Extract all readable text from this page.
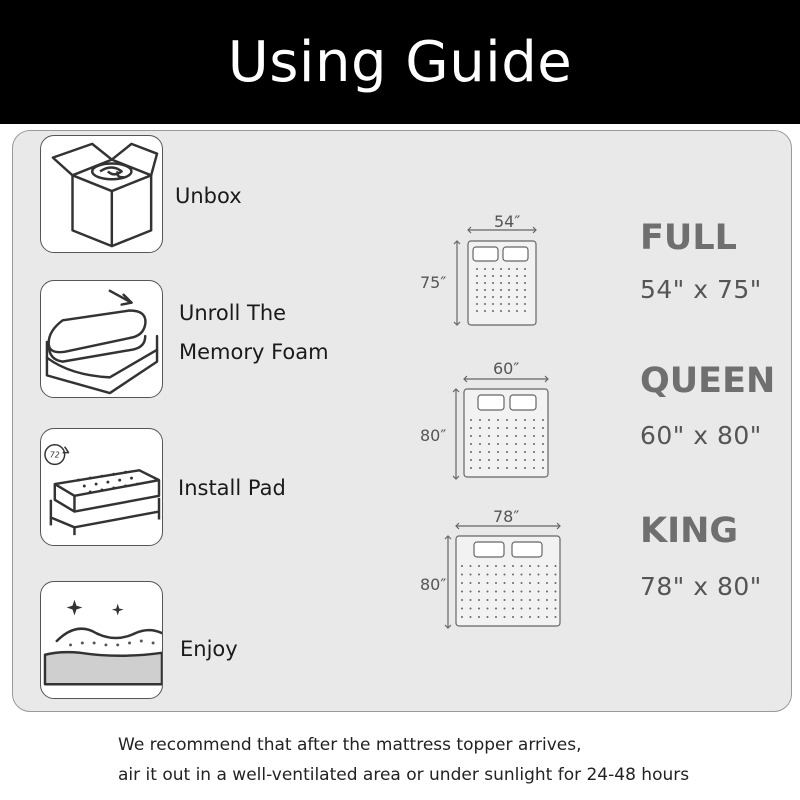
Using Guide
Unbox
Unroll The
Memory Foam
72
Install Pad
Enjoy
54″
75″
60″
80″
78″
80″
FULL
54" x 75"
QUEEN
60" x 80"
KING
78" x 80"
We recommend that after the mattress topper arrives,
air it out in a well-ventilated area or under sunlight for 24-48 hours
